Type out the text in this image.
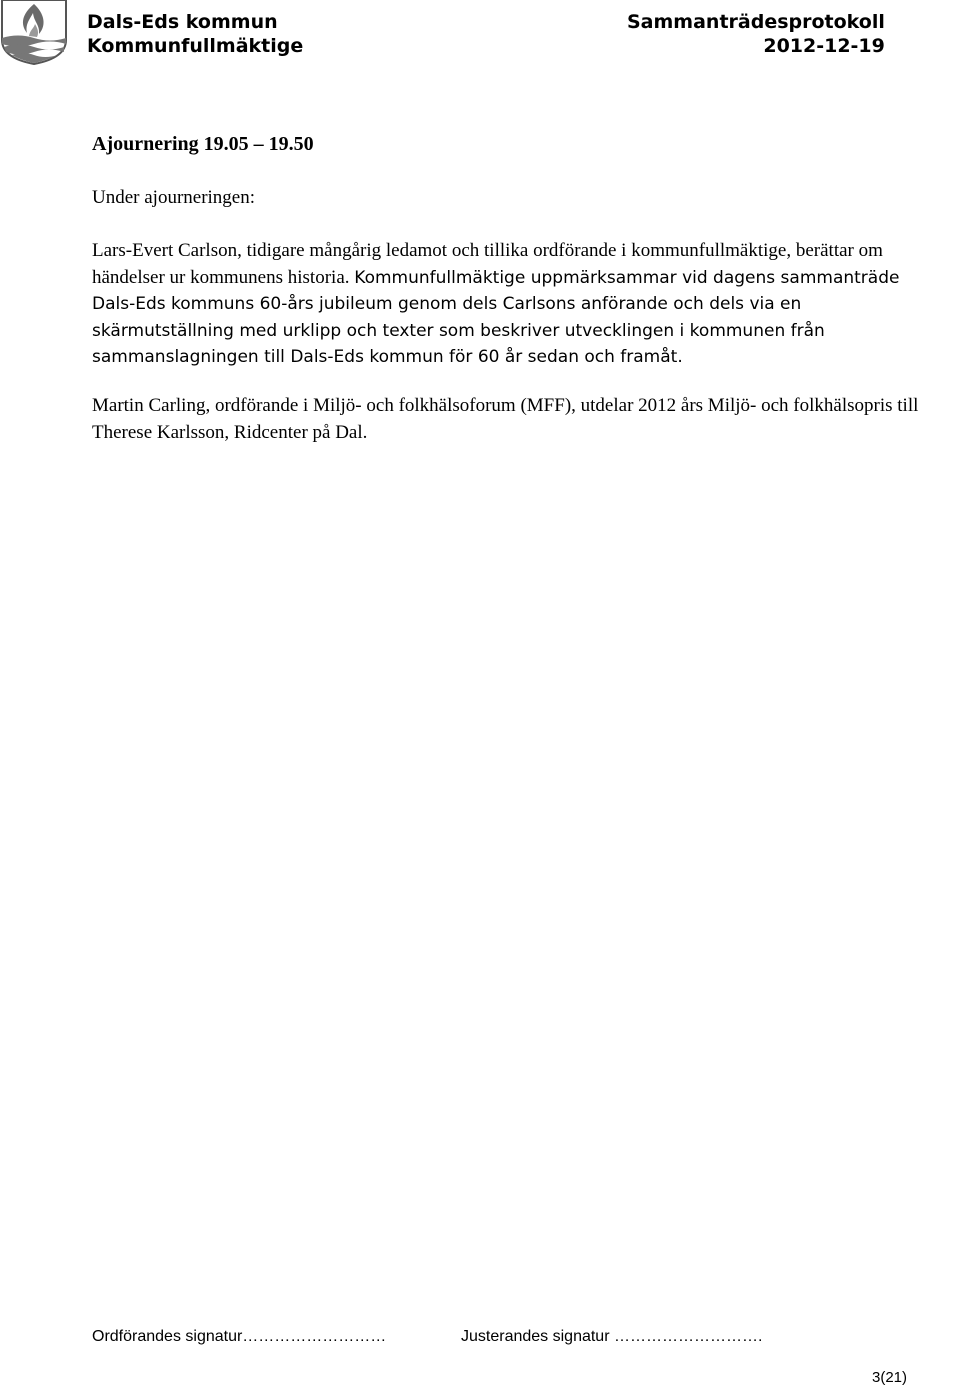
Dals-Eds kommun
Kommunfullmäktige
Sammanträdesprotokoll
2012-12-19
Ajournering 19.05 – 19.50
Under ajourneringen:
Lars-Evert Carlson, tidigare mångårig ledamot och tillika ordförande i kommunfullmäktige, berättar om händelser ur kommunens historia. Kommunfullmäktige uppmärksammar vid dagens sammanträde Dals-Eds kommuns 60-års jubileum genom dels Carlsons anförande och dels via en skärmutställning med urklipp och texter som beskriver utvecklingen i kommunen från sammanslagningen till Dals-Eds kommun för 60 år sedan och framåt.
Martin Carling, ordförande i Miljö- och folkhälsoforum (MFF), utdelar 2012 års Miljö- och folkhälsopris till Therese Karlsson, Ridcenter på Dal.
Ordförandes signatur………………………	Justerandes signatur ……………………….
3(21)
